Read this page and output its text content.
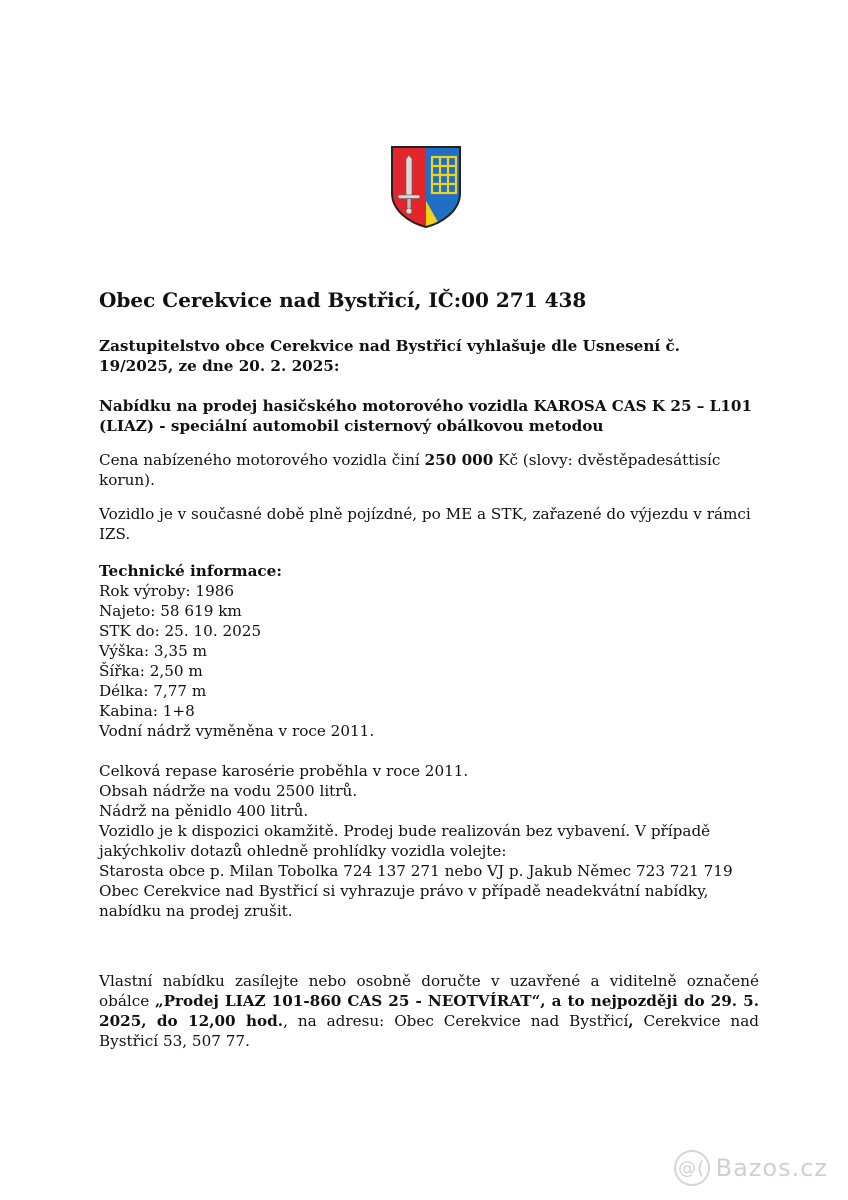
Obec Cerekvice nad Bystřicí, IČ:00 271 438

Zastupitelstvo obce Cerekvice nad Bystřicí vyhlašuje dle Usnesení č. 19/2025, ze dne 20. 2. 2025:

Nabídku na prodej hasičského motorového vozidla KAROSA CAS K 25 – L101 (LIAZ) - speciální automobil cisternový obálkovou metodou

Cena nabízeného motorového vozidla činí 250 000 Kč (slovy: dvěstěpadesáttisíc korun).

Vozidlo je v současné době plně pojízdné, po ME a STK, zařazené do výjezdu v rámci IZS.

Technické informace:
Rok výroby: 1986
Najeto: 58 619 km
STK do: 25. 10. 2025
Výška: 3,35 m
Šířka: 2,50 m
Délka: 7,77 m
Kabina: 1+8
Vodní nádrž vyměněna v roce 2011.
Celková repase karosérie proběhla v roce 2011.
Obsah nádrže na vodu 2500 litrů.
Nádrž na pěnidlo 400 litrů.
Vozidlo je k dispozici okamžitě. Prodej bude realizován bez vybavení. V případě jakýchkoliv dotazů ohledně prohlídky vozidla volejte:
Starosta obce p. Milan Tobolka 724 137 271 nebo VJ p. Jakub Němec 723 721 719
Obec Cerekvice nad Bystřicí si vyhrazuje právo v případě neadekvátní nabídky, nabídku na prodej zrušit.

Vlastní nabídku zasílejte nebo osobně doručte v uzavřené a viditelně označené obálce „Prodej LIAZ 101-860 CAS 25 - NEOTVÍRAT“, a to nejpozději do 29. 5. 2025, do 12,00 hod., na adresu: Obec Cerekvice nad Bystřicí, Cerekvice nad Bystřicí 53, 507 77.

@( Bazos.cz
